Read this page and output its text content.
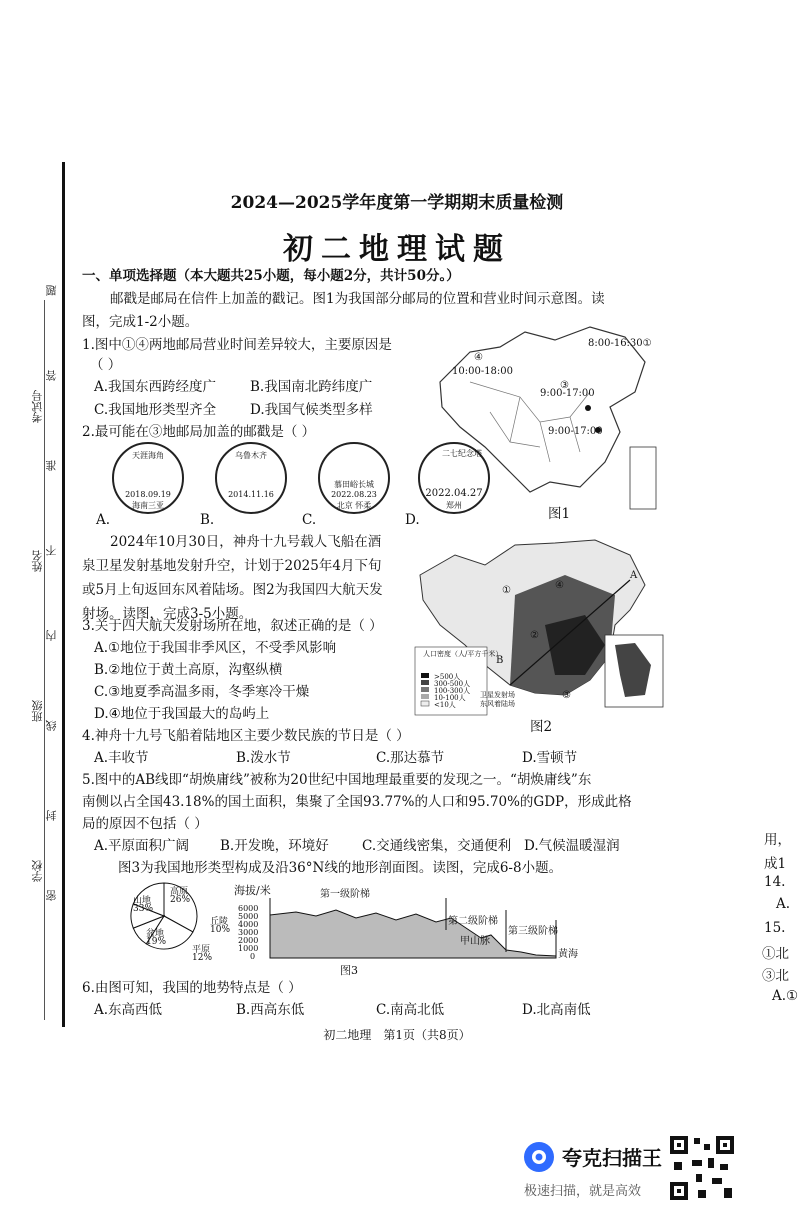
考试号
姓名
班级
学校
题
答
准
不
内
线
封
密
2024—2025学年度第一学期期末质量检测
初二地理试题
一、单项选择题（本大题共25小题，每小题2分，共计50分。）
邮戳是邮局在信件上加盖的戳记。图1为我国部分邮局的位置和营业时间示意图。读
图，完成1-2小题。
1.图中①④两地邮局营业时间差异较大，主要原因是
（ ）
A.我国东西跨经度广	B.我国南北跨纬度广
C.我国地形类型齐全	D.我国气候类型多样
2.最可能在③地邮局加盖的邮戳是（ ）
天涯海角
2018.09.19
海南三亚
乌鲁木齐
2014.11.16
慕田峪长城
2022.08.23
北京 怀柔
二七纪念塔
2022.04.27
郑州
A.	B.	C.	D.
8:00-16:30①
④
10:00-18:00
③
9:00-17:00
9:00-17:00
图1
2024年10月30日，神舟十九号载人飞船在酒
泉卫星发射基地发射升空，计划于2025年4月下旬
或5月上旬返回东风着陆场。图2为我国四大航天发
射场。读图，完成3-5小题。
人口密度（人/平方千米）
>500人
300-500人
100-300人
10-100人
<10人
卫星发射场
东风着陆场
①
②
③
④
A
B
图2
3.关于四大航天发射场所在地，叙述正确的是（ ）
A.①地位于我国非季风区，不受季风影响
B.②地位于黄土高原，沟壑纵横
C.③地夏季高温多雨，冬季寒冷干燥
D.④地位于我国最大的岛屿上
4.神舟十九号飞船着陆地区主要少数民族的节日是（ ）
A.丰收节	B.泼水节	C.那达慕节	D.雪顿节
5.图中的AB线即“胡焕庸线”被称为20世纪中国地理最重要的发现之一。“胡焕庸线”东
南侧以占全国43.18%的国土面积，集聚了全国93.77%的人口和95.70%的GDP，形成此格
局的原因不包括（ ）
A.平原面积广阔 B.开发晚，环境好 C.交通线密集，交通便利 D.气候温暖湿润
图3为我国地形类型构成及沿36°N线的地形剖面图。读图，完成6-8小题。
山地
33%
高原
26%
丘陵
10%
盆地
19%
平原
12%
海拔/米
6000
5000
4000
3000
2000
1000
0
第一级阶梯
第二级阶梯
第三级阶梯
甲山脉
黄海
图3
6.由图可知，我国的地势特点是（ ）
A.东高西低	B.西高东低	C.南高北低	D.北高南低
初二地理　第1页（共8页）
用，
成1
14.
A.
15.
①北
③北
A.①
夸克扫描王
极速扫描，就是高效
